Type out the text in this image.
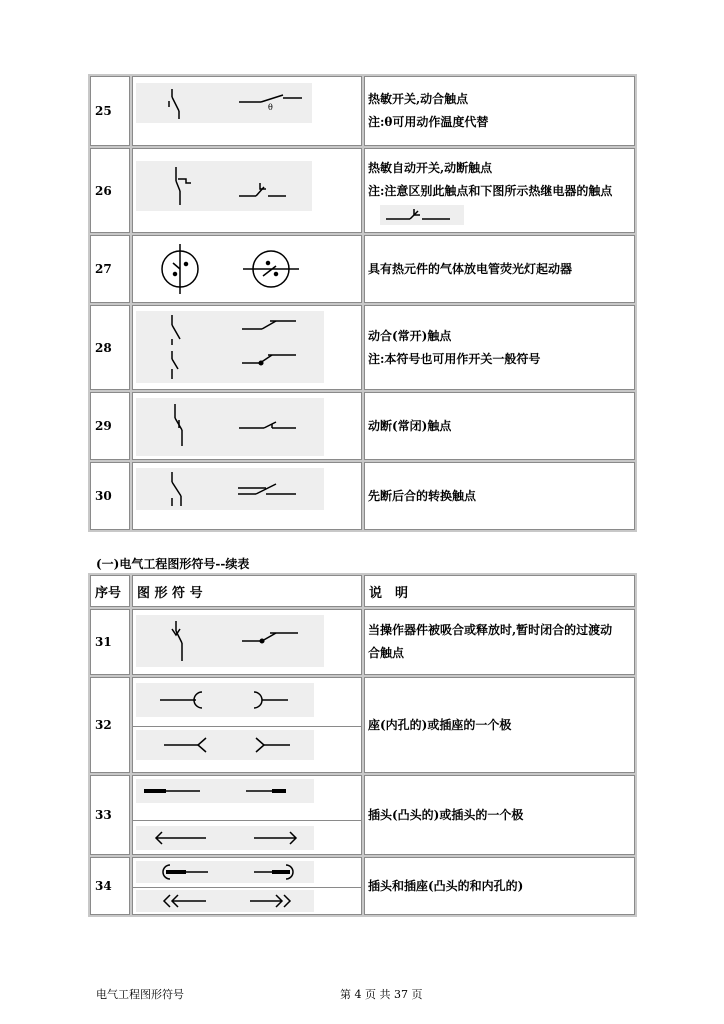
25	θ	热敏开关,动合触点
注:θ可用动作温度代替

26		热敏自动开关,动断触点
注:注意区别此触点和下图所示热继电器的触点

27		具有热元件的气体放电管荧光灯起动器

28		动合(常开)触点
注:本符号也可用作开关一般符号

29		动断(常闭)触点

30		先断后合的转换触点
(一)电气工程图形符号--续表
序号	图 形 符 号	说　明
31		当操作器件被吸合或释放时,暂时闭合的过渡动
合触点

32		座(内孔的)或插座的一个极

33		插头(凸头的)或插头的一个极

34		插头和插座(凸头的和内孔的)
电气工程图形符号	第 4 页 共 37 页
